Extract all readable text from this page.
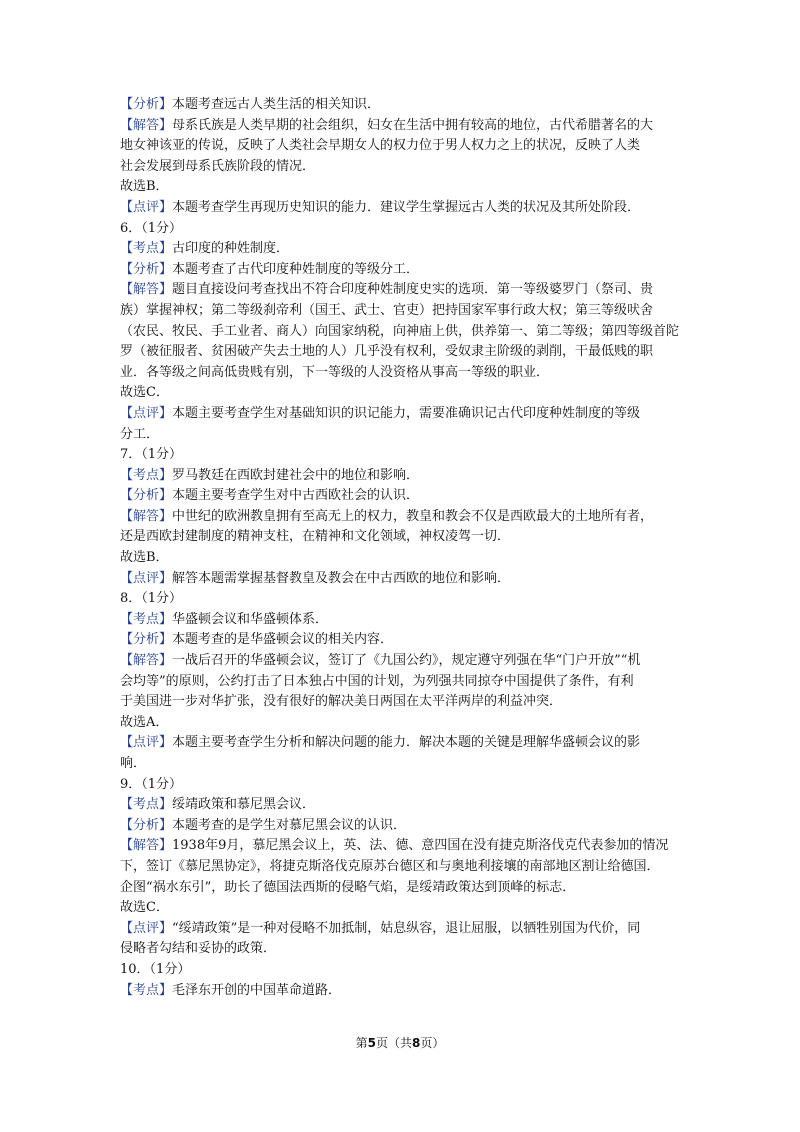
【分析】本题考查远古人类生活的相关知识．
【解答】母系氏族是人类早期的社会组织，妇女在生活中拥有较高的地位，古代希腊著名的大
地女神该亚的传说，反映了人类社会早期女人的权力位于男人权力之上的状况，反映了人类
社会发展到母系氏族阶段的情况．
故选B．
【点评】本题考查学生再现历史知识的能力．建议学生掌握远古人类的状况及其所处阶段．
6．（1分）
【考点】古印度的种姓制度．
【分析】本题考查了古代印度种姓制度的等级分工．
【解答】题目直接设问考查找出不符合印度种姓制度史实的选项．第一等级婆罗门（祭司、贵
族）掌握神权；第二等级刹帝利（国王、武士、官吏）把持国家军事行政大权；第三等级吠舍
（农民、牧民、手工业者、商人）向国家纳税，向神庙上供，供养第一、第二等级；第四等级首陀
罗（被征服者、贫困破产失去土地的人）几乎没有权利，受奴隶主阶级的剥削，干最低贱的职
业．各等级之间高低贵贱有别，下一等级的人没资格从事高一等级的职业．
故选C．
【点评】本题主要考查学生对基础知识的识记能力，需要准确识记古代印度种姓制度的等级
分工．
7．（1分）
【考点】罗马教廷在西欧封建社会中的地位和影响．
【分析】本题主要考查学生对中古西欧社会的认识．
【解答】中世纪的欧洲教皇拥有至高无上的权力，教皇和教会不仅是西欧最大的土地所有者，
还是西欧封建制度的精神支柱，在精神和文化领域，神权凌驾一切．
故选B．
【点评】解答本题需掌握基督教皇及教会在中古西欧的地位和影响．
8．（1分）
【考点】华盛顿会议和华盛顿体系．
【分析】本题考查的是华盛顿会议的相关内容．
【解答】一战后召开的华盛顿会议，签订了《九国公约》，规定遵守列强在华“门户开放”“机
会均等”的原则，公约打击了日本独占中国的计划，为列强共同掠夺中国提供了条件，有利
于美国进一步对华扩张，没有很好的解决美日两国在太平洋两岸的利益冲突．
故选A．
【点评】本题主要考查学生分析和解决问题的能力．解决本题的关键是理解华盛顿会议的影
响．
9．（1分）
【考点】绥靖政策和慕尼黑会议．
【分析】本题考查的是学生对慕尼黑会议的认识．
【解答】1938年9月，慕尼黑会议上，英、法、德、意四国在没有捷克斯洛伐克代表参加的情况
下，签订《慕尼黑协定》，将捷克斯洛伐克原苏台德区和与奥地利接壤的南部地区割让给德国．
企图“祸水东引”，助长了德国法西斯的侵略气焰，是绥靖政策达到顶峰的标志．
故选C．
【点评】“绥靖政策”是一种对侵略不加抵制，姑息纵容，退让屈服，以牺牲别国为代价，同
侵略者勾结和妥协的政策．
10．（1分）
【考点】毛泽东开创的中国革命道路．
第5页（共8页）
